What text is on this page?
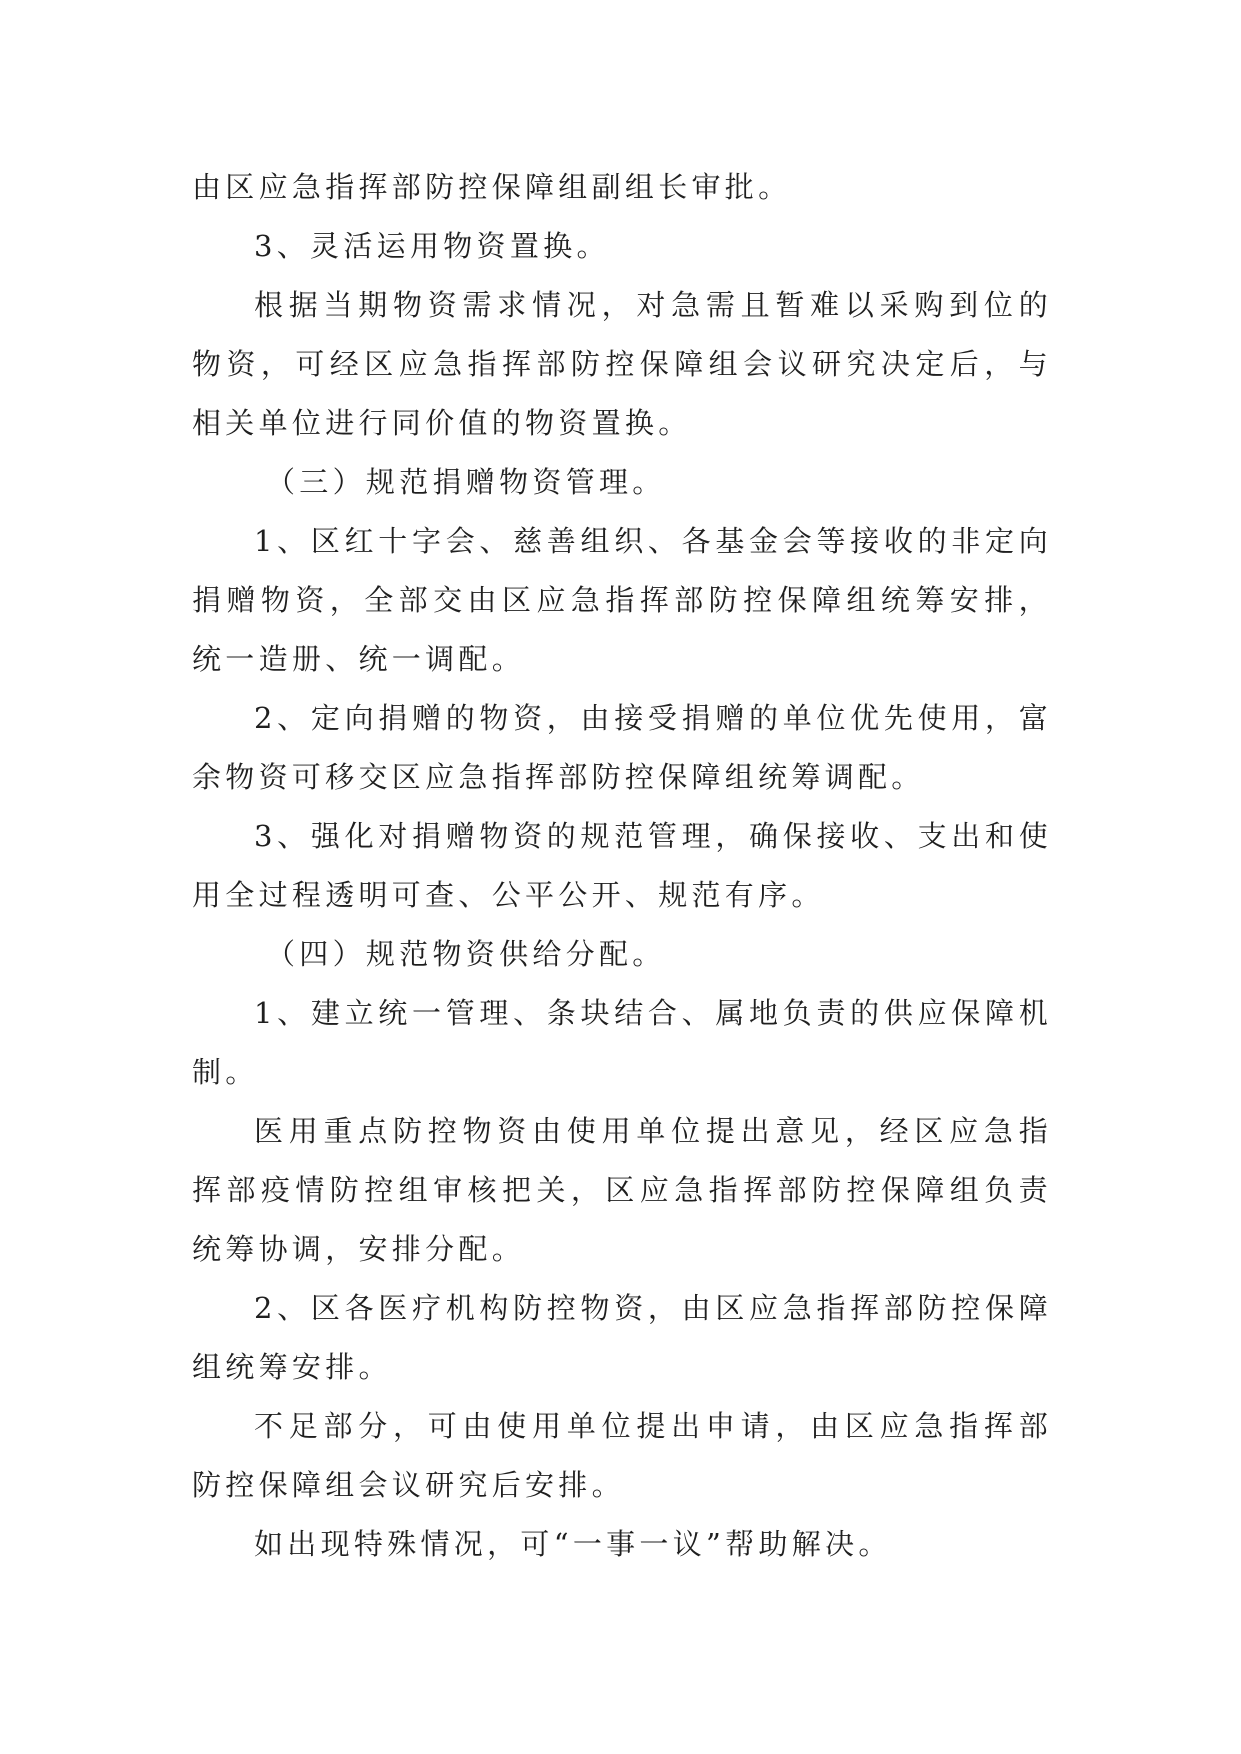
由区应急指挥部防控保障组副组长审批。

3、灵活运用物资置换。

根据当期物资需求情况，对急需且暂难以采购到位的物资，可经区应急指挥部防控保障组会议研究决定后，与相关单位进行同价值的物资置换。

（三）规范捐赠物资管理。

1、区红十字会、慈善组织、各基金会等接收的非定向捐赠物资，全部交由区应急指挥部防控保障组统筹安排，统一造册、统一调配。

2、定向捐赠的物资，由接受捐赠的单位优先使用，富余物资可移交区应急指挥部防控保障组统筹调配。

3、强化对捐赠物资的规范管理，确保接收、支出和使用全过程透明可查、公平公开、规范有序。

（四）规范物资供给分配。

1、建立统一管理、条块结合、属地负责的供应保障机制。

医用重点防控物资由使用单位提出意见，经区应急指挥部疫情防控组审核把关，区应急指挥部防控保障组负责统筹协调，安排分配。

2、区各医疗机构防控物资，由区应急指挥部防控保障组统筹安排。

不足部分，可由使用单位提出申请，由区应急指挥部防控保障组会议研究后安排。

如出现特殊情况，可“一事一议”帮助解决。
